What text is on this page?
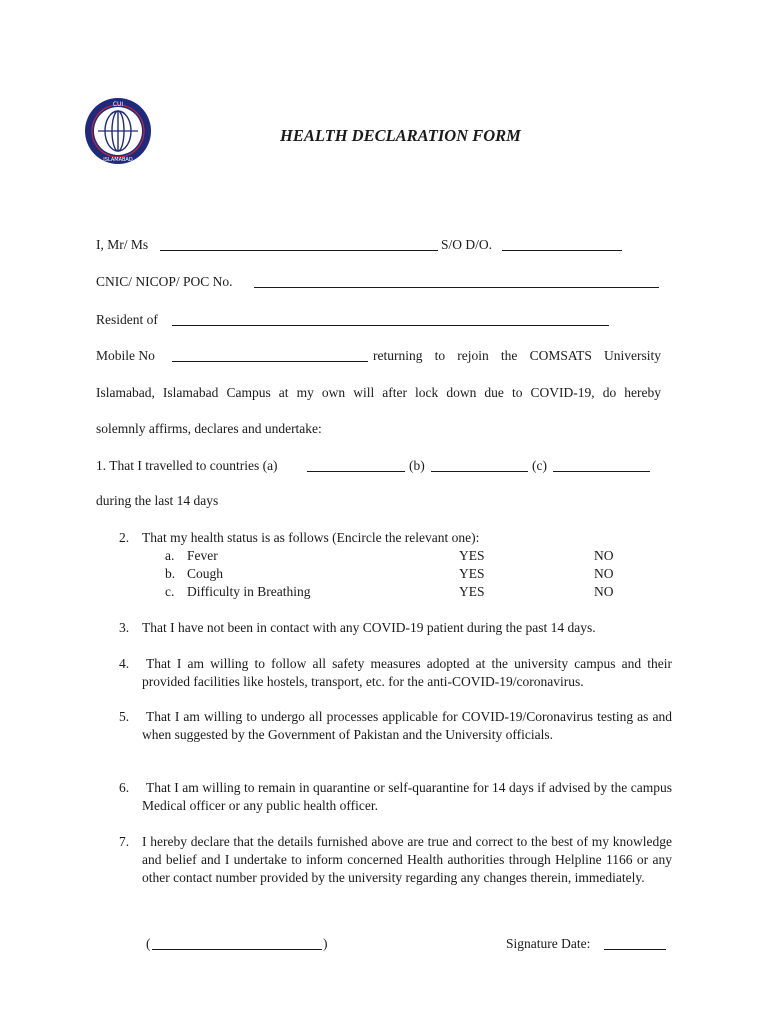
CUI
ISLAMABAD
HEALTH DECLARATION FORM
I, Mr/ Ms	S/O D/O.
CNIC/ NICOP/ POC No.
Resident of
Mobile No	returning to rejoin the COMSATS University
Islamabad, Islamabad Campus at my own will after lock down due to COVID-19, do hereby
solemnly affirms, declares and undertake:
1. That I travelled to countries (a)	(b)	(c)
during the last 14 days
2. That my health status is as follows (Encircle the relevant one):
a. Fever	YES	NO
b. Cough	YES	NO
c. Difficulty in Breathing	YES	NO
3. That I have not been in contact with any COVID-19 patient during the past 14 days.
4. That I am willing to follow all safety measures adopted at the university campus and their provided facilities like hostels, transport, etc. for the anti-COVID-19/coronavirus.
5. That I am willing to undergo all processes applicable for COVID-19/Coronavirus testing as and when suggested by the Government of Pakistan and the University officials.
6. That I am willing to remain in quarantine or self-quarantine for 14 days if advised by the campus Medical officer or any public health officer.
7. I hereby declare that the details furnished above are true and correct to the best of my knowledge and belief and I undertake to inform concerned Health authorities through Helpline 1166 or any other contact number provided by the university regarding any changes therein, immediately.
(	)	Signature Date:
